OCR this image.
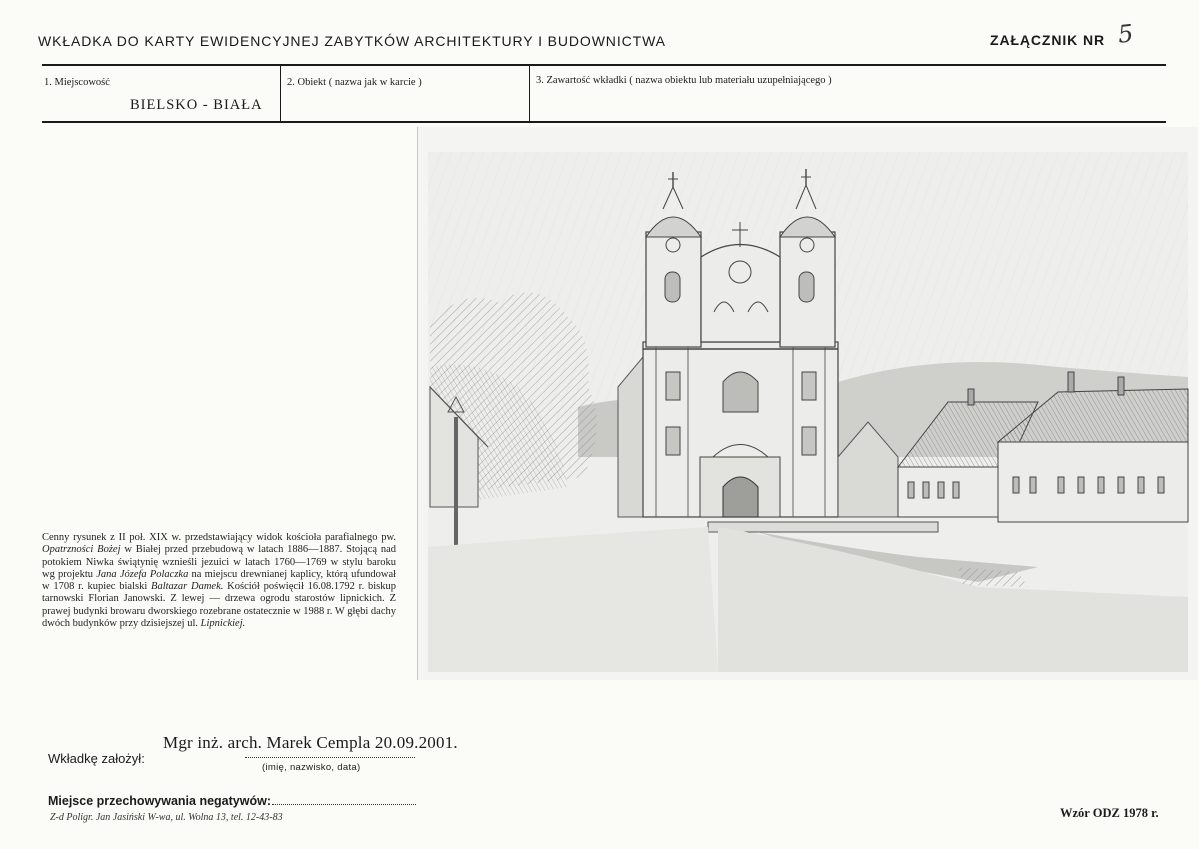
WKŁADKA DO KARTY EWIDENCYJNEJ ZABYTKÓW ARCHITEKTURY I BUDOWNICTWA	ZAŁĄCZNIK NR 5
1. Miejscowość
BIELSKO - BIAŁA
2. Obiekt ( nazwa jak w karcie )	3. Zawartość wkładki ( nazwa obiektu lub materiału uzupełniającego )
Cenny rysunek z II poł. XIX w. przedstawiający widok kościoła parafialnego pw. Opatrzności Bożej w Białej przed przebudową w latach 1886—1887. Stojącą nad potokiem Niwka świątynię wznieśli jezuici w latach 1760—1769 w stylu baroku wg projektu Jana Józefa Polaczka na miejscu drewnianej kaplicy, którą ufundował w 1708 r. kupiec bialski Baltazar Damek. Kościół poświęcił 16.08.1792 r. biskup tarnowski Florian Janowski. Z lewej — drzewa ogrodu starostów lipnickich. Z prawej budynki browaru dworskiego rozebrane ostatecznie w 1988 r. W głębi dachy dwóch budynków przy dzisiejszej ul. Lipnickiej.
Wkładkę założył:
Mgr inż. arch. Marek Cempla 20.09.2001.
(imię, nazwisko, data)
Miejsce przechowywania negatywów:
Z-d Poligr. Jan Jasiński W-wa, ul. Wolna 13, tel. 12-43-83	Wzór ODZ 1978 r.
